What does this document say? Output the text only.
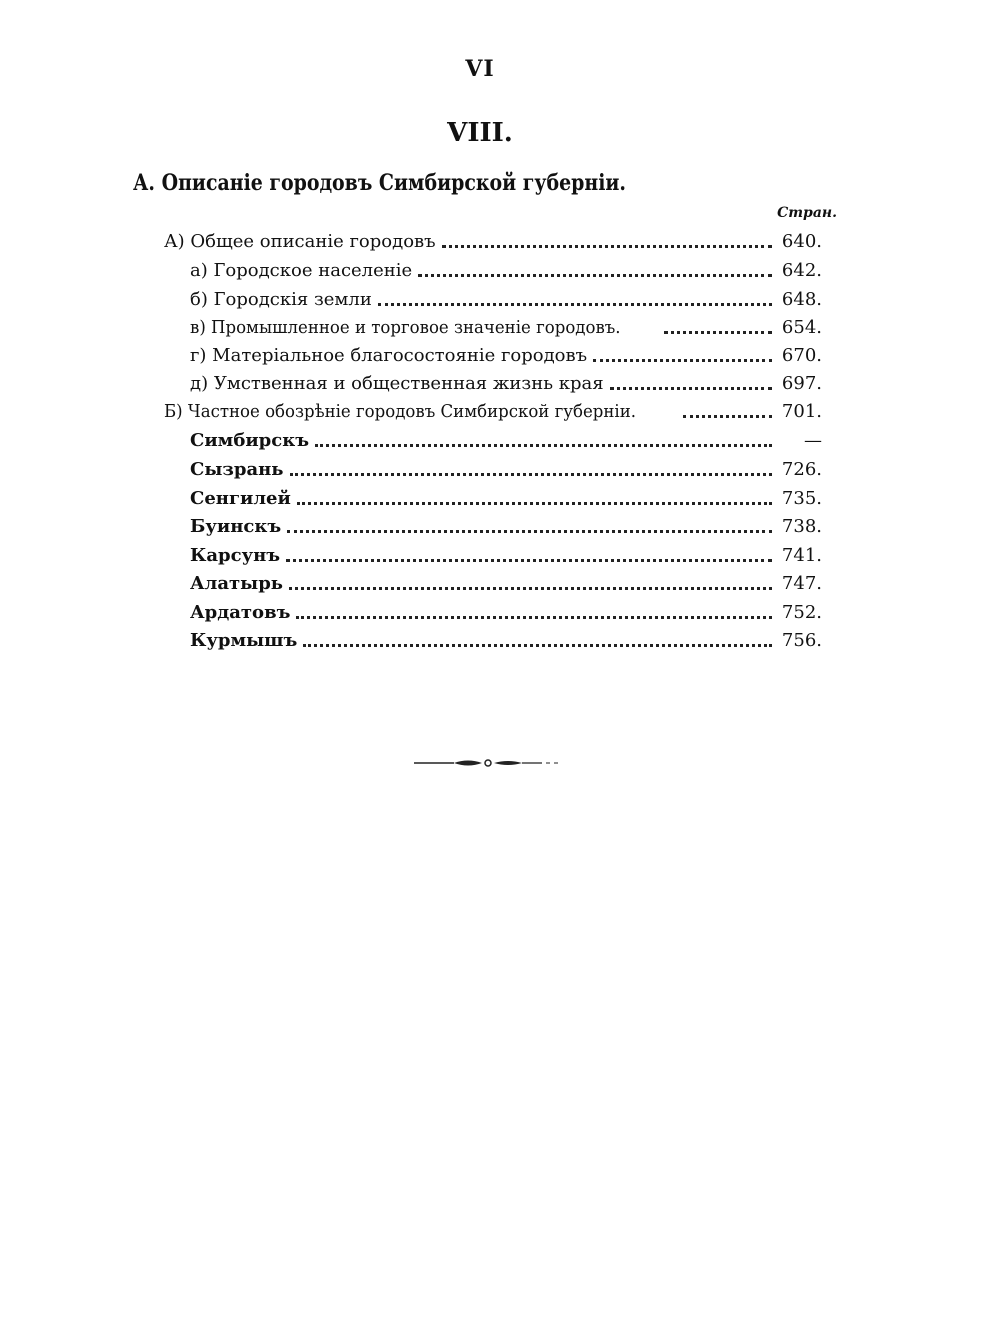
VI
VIII.
А. Описаніе городовъ Симбирской губерніи.
Стран.
А) Общее описаніе городовъ	640.
а) Городское населеніе	642.
б) Городскія земли	648.
в) Промышленное и торговое значеніе городовъ.	654.
г) Матеріальное благосостояніе городовъ	670.
д) Умственная и общественная жизнь края	697.
Б) Частное обозрѣніе городовъ Симбирской губерніи.	701.
Симбирскъ	—
Сызрань	726.
Сенгилей	735.
Буинскъ	738.
Карсунъ	741.
Алатырь	747.
Ардатовъ	752.
Курмышъ	756.
